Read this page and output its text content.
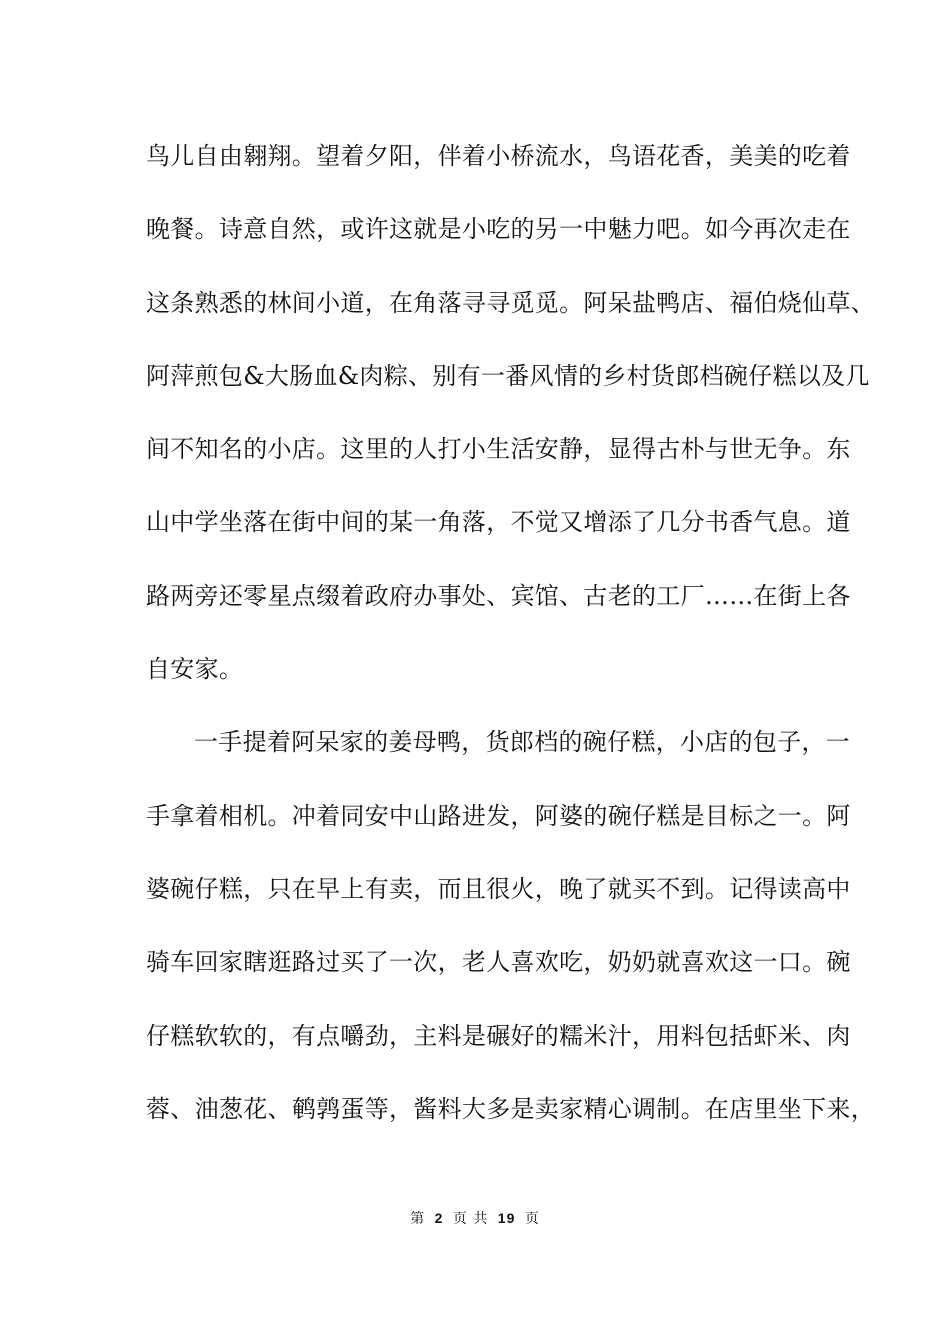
鸟儿自由翱翔。望着夕阳，伴着小桥流水，鸟语花香，美美的吃着
晚餐。诗意自然，或许这就是小吃的另一中魅力吧。如今再次走在
这条熟悉的林间小道，在角落寻寻觅觅。阿呆盐鸭店、福伯烧仙草、
阿萍煎包&大肠血&肉粽、别有一番风情的乡村货郎档碗仔糕以及几
间不知名的小店。这里的人打小生活安静，显得古朴与世无争。东
山中学坐落在街中间的某一角落，不觉又增添了几分书香气息。道
路两旁还零星点缀着政府办事处、宾馆、古老的工厂……在街上各
自安家。
一手提着阿呆家的姜母鸭，货郎档的碗仔糕，小店的包子，一
手拿着相机。冲着同安中山路进发，阿婆的碗仔糕是目标之一。阿
婆碗仔糕，只在早上有卖，而且很火，晚了就买不到。记得读高中
骑车回家瞎逛路过买了一次，老人喜欢吃，奶奶就喜欢这一口。碗
仔糕软软的，有点嚼劲，主料是碾好的糯米汁，用料包括虾米、肉
蓉、油葱花、鹌鹑蛋等，酱料大多是卖家精心调制。在店里坐下来，
第 2 页 共 19 页
